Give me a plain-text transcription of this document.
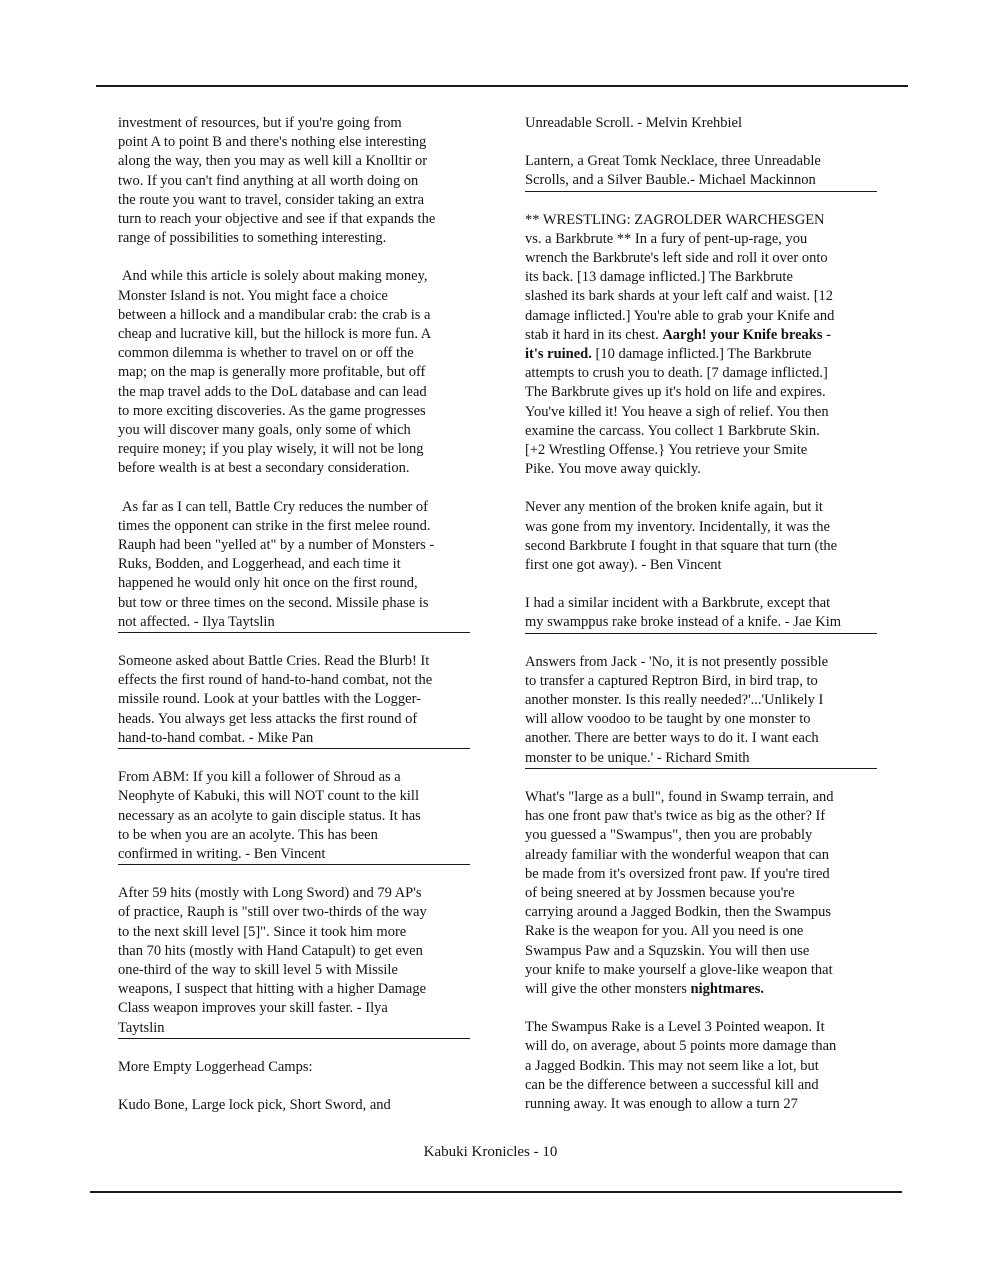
investment of resources, but if you're going from
point A to point B and there's nothing else interesting
along the way, then you may as well kill a Knolltir or
two. If you can't find anything at all worth doing on
the route you want to travel, consider taking an extra
turn to reach your objective and see if that expands the
range of possibilities to something interesting.
And while this article is solely about making money,
Monster Island is not. You might face a choice
between a hillock and a mandibular crab: the crab is a
cheap and lucrative kill, but the hillock is more fun. A
common dilemma is whether to travel on or off the
map; on the map is generally more profitable, but off
the map travel adds to the DoL database and can lead
to more exciting discoveries. As the game progresses
you will discover many goals, only some of which
require money; if you play wisely, it will not be long
before wealth is at best a secondary consideration.
As far as I can tell, Battle Cry reduces the number of
times the opponent can strike in the first melee round.
Rauph had been "yelled at" by a number of Monsters -
Ruks, Bodden, and Loggerhead, and each time it
happened he would only hit once on the first round,
but tow or three times on the second. Missile phase is
not affected. - Ilya Taytslin
Someone asked about Battle Cries. Read the Blurb! It
effects the first round of hand-to-hand combat, not the
missile round. Look at your battles with the Logger-
heads. You always get less attacks the first round of
hand-to-hand combat. - Mike Pan
From ABM: If you kill a follower of Shroud as a
Neophyte of Kabuki, this will NOT count to the kill
necessary as an acolyte to gain disciple status. It has
to be when you are an acolyte. This has been
confirmed in writing. - Ben Vincent
After 59 hits (mostly with Long Sword) and 79 AP's
of practice, Rauph is "still over two-thirds of the way
to the next skill level [5]". Since it took him more
than 70 hits (mostly with Hand Catapult) to get even
one-third of the way to skill level 5 with Missile
weapons, I suspect that hitting with a higher Damage
Class weapon improves your skill faster. - Ilya
Taytslin
More Empty Loggerhead Camps:
Kudo Bone, Large lock pick, Short Sword, and
Unreadable Scroll. - Melvin Krehbiel
Lantern, a Great Tomk Necklace, three Unreadable
Scrolls, and a Silver Bauble.- Michael Mackinnon
** WRESTLING: ZAGROLDER WARCHESGEN
vs. a Barkbrute ** In a fury of pent-up-rage, you
wrench the Barkbrute's left side and roll it over onto
its back. [13 damage inflicted.] The Barkbrute
slashed its bark shards at your left calf and waist. [12
damage inflicted.] You're able to grab your Knife and
stab it hard in its chest. Aargh! your Knife breaks -
it's ruined. [10 damage inflicted.] The Barkbrute
attempts to crush you to death. [7 damage inflicted.]
The Barkbrute gives up it's hold on life and expires.
You've killed it! You heave a sigh of relief. You then
examine the carcass. You collect 1 Barkbrute Skin.
[+2 Wrestling Offense.} You retrieve your Smite
Pike. You move away quickly.
Never any mention of the broken knife again, but it
was gone from my inventory. Incidentally, it was the
second Barkbrute I fought in that square that turn (the
first one got away). - Ben Vincent
I had a similar incident with a Barkbrute, except that
my swamppus rake broke instead of a knife. - Jae Kim
Answers from Jack - 'No, it is not presently possible
to transfer a captured Reptron Bird, in bird trap, to
another monster. Is this really needed?'...'Unlikely I
will allow voodoo to be taught by one monster to
another. There are better ways to do it. I want each
monster to be unique.' - Richard Smith
What's "large as a bull", found in Swamp terrain, and
has one front paw that's twice as big as the other? If
you guessed a "Swampus", then you are probably
already familiar with the wonderful weapon that can
be made from it's oversized front paw. If you're tired
of being sneered at by Jossmen because you're
carrying around a Jagged Bodkin, then the Swampus
Rake is the weapon for you. All you need is one
Swampus Paw and a Squzskin. You will then use
your knife to make yourself a glove-like weapon that
will give the other monsters nightmares.
The Swampus Rake is a Level 3 Pointed weapon. It
will do, on average, about 5 points more damage than
a Jagged Bodkin. This may not seem like a lot, but
can be the difference between a successful kill and
running away. It was enough to allow a turn 27
Kabuki Kronicles - 10
